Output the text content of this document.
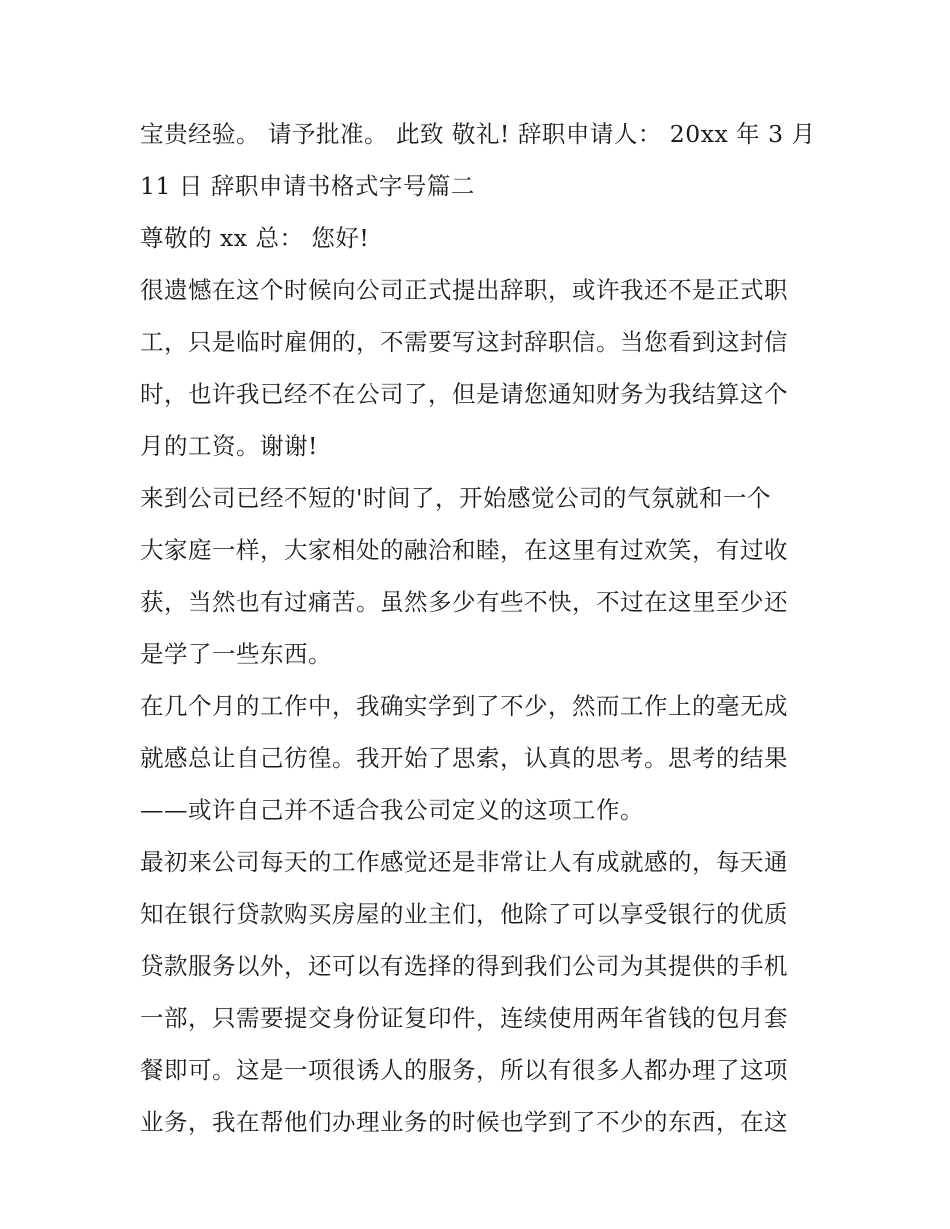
宝贵经验。 请予批准。 此致 敬礼! 辞职申请人： 20xx 年 3 月
11 日 辞职申请书格式字号篇二

尊敬的 xx 总： 您好!

很遗憾在这个时候向公司正式提出辞职，或许我还不是正式职
工，只是临时雇佣的，不需要写这封辞职信。当您看到这封信
时，也许我已经不在公司了，但是请您通知财务为我结算这个
月的工资。谢谢!

来到公司已经不短的'时间了，开始感觉公司的气氛就和一个
大家庭一样，大家相处的融洽和睦，在这里有过欢笑，有过收
获，当然也有过痛苦。虽然多少有些不快，不过在这里至少还
是学了一些东西。

在几个月的工作中，我确实学到了不少，然而工作上的毫无成
就感总让自己彷徨。我开始了思索，认真的思考。思考的结果
——或许自己并不适合我公司定义的这项工作。

最初来公司每天的工作感觉还是非常让人有成就感的，每天通
知在银行贷款购买房屋的业主们，他除了可以享受银行的优质
贷款服务以外，还可以有选择的得到我们公司为其提供的手机
一部，只需要提交身份证复印件，连续使用两年省钱的包月套
餐即可。这是一项很诱人的服务，所以有很多人都办理了这项
业务，我在帮他们办理业务的时候也学到了不少的东西，在这
